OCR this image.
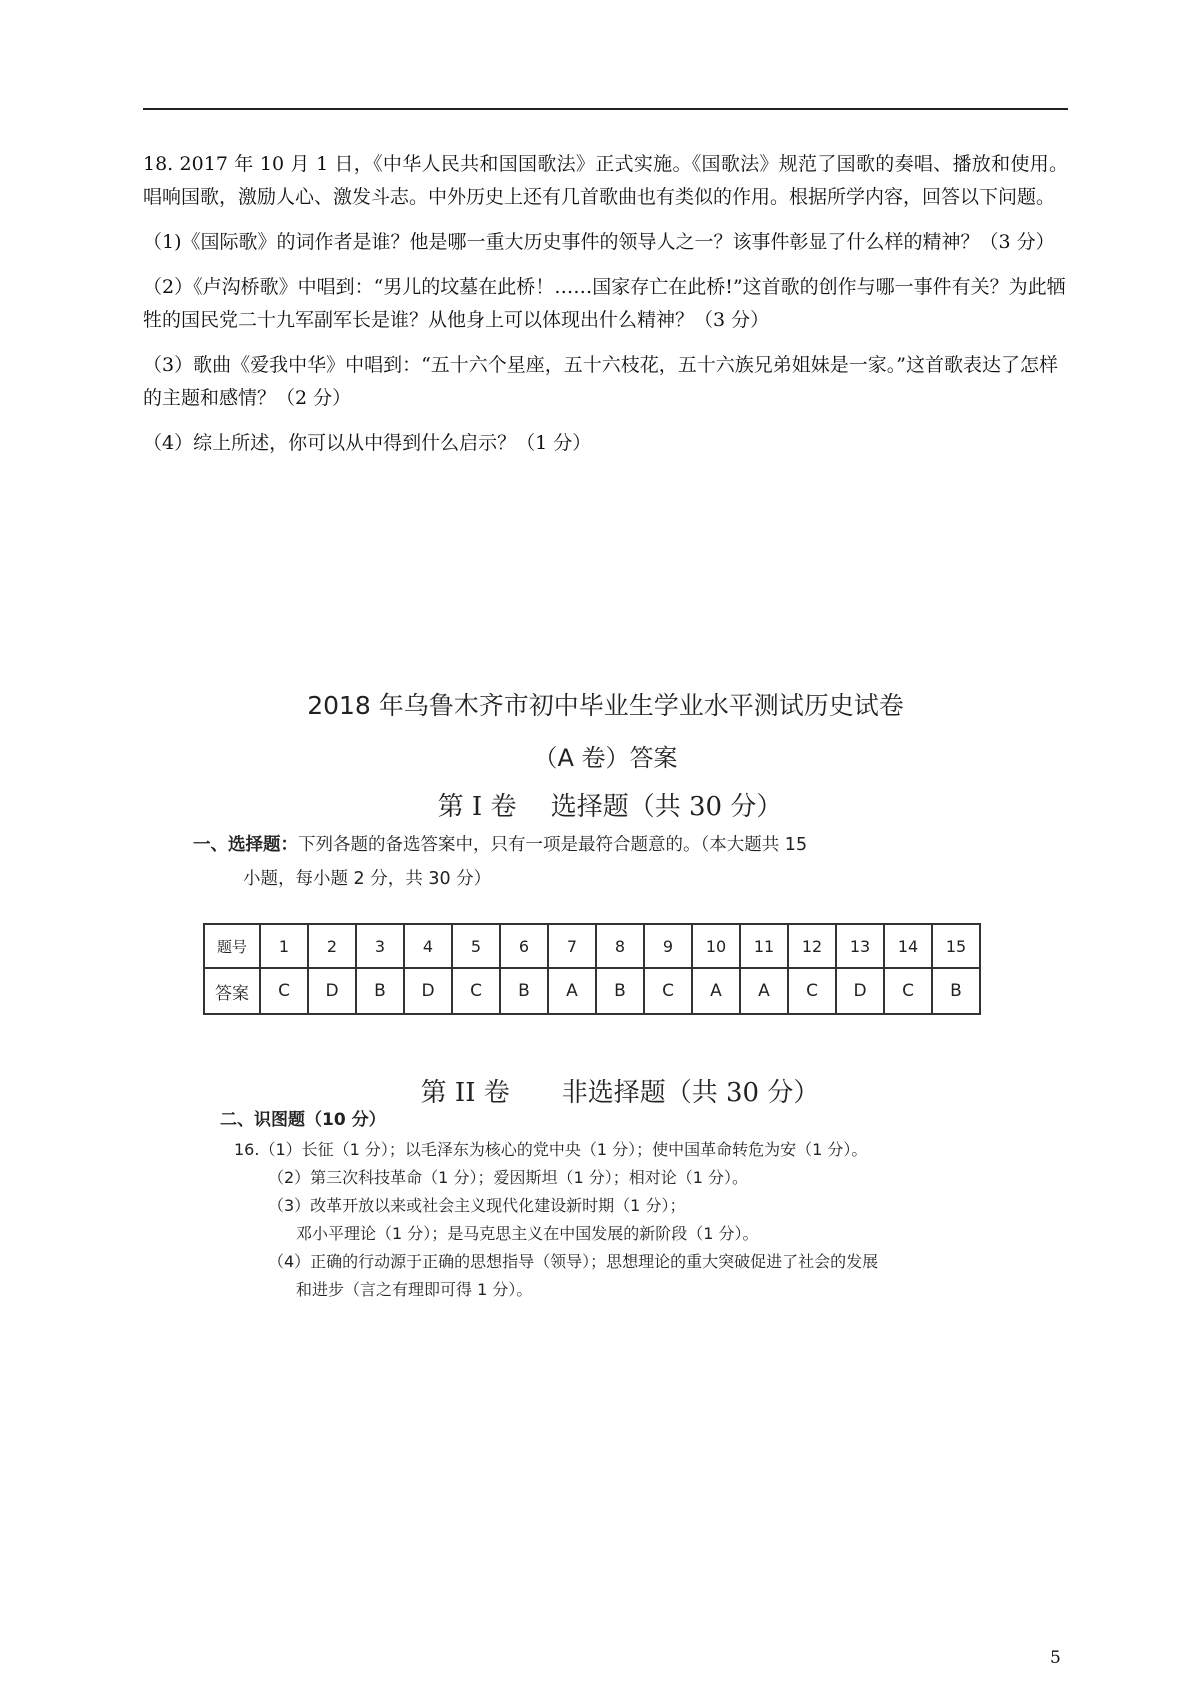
18. 2017 年 10 月 1 日，《中华人民共和国国歌法》正式实施。《国歌法》规范了国歌的奏唱、播放和使用。唱响国歌，激励人心、激发斗志。中外历史上还有几首歌曲也有类似的作用。根据所学内容，回答以下问题。

（1)《国际歌》的词作者是谁？他是哪一重大历史事件的领导人之一？该事件彰显了什么样的精神？（3 分）

（2）《卢沟桥歌》中唱到：“男儿的坟墓在此桥！……国家存亡在此桥!”这首歌的创作与哪一事件有关？为此牺牲的国民党二十九军副军长是谁？从他身上可以体现出什么精神？（3 分）

（3）歌曲《爱我中华》中唱到：“五十六个星座，五十六枝花，五十六族兄弟姐妹是一家。”这首歌表达了怎样的主题和感情？（2 分）

（4）综上所述，你可以从中得到什么启示？（1 分）

2018 年乌鲁木齐市初中毕业生学业水平测试历史试卷
（A 卷）答案
第 I 卷　 选择题（共 30 分）
一、选择题：下列各题的备选答案中，只有一项是最符合题意的。（本大题共 15
小题，每小题 2 分，共 30 分）
题号	1	2	3	4	5	6	7	8	9	10	11	12	13	14	15
答案	C	D	B	D	C	B	A	B	C	A	A	C	D	C	B
第 II 卷　　非选择题（共 30 分）
二、识图题（10 分）
16.（1）长征（1 分）；以毛泽东为核心的党中央（1 分）；使中国革命转危为安（1 分）。
（2）第三次科技革命（1 分）；爱因斯坦（1 分）；相对论（1 分）。
（3）改革开放以来或社会主义现代化建设新时期（1 分）；
邓小平理论（1 分）；是马克思主义在中国发展的新阶段（1 分）。
（4）正确的行动源于正确的思想指导（领导）；思想理论的重大突破促进了社会的发展
和进步（言之有理即可得 1 分）。
5
